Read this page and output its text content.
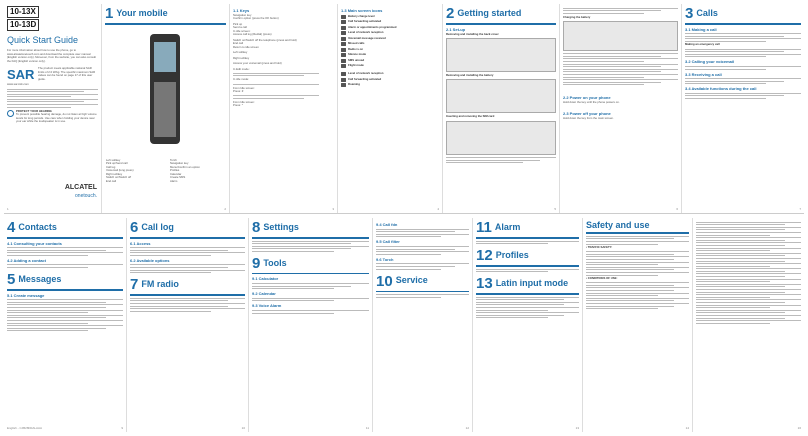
10-13X
10-13D
Quick Start Guide
For more information about how to use the phone, go to www.alcatelonetouch.com and download the complete user manual (English version only). Moreover, from the website, you can also consult the FAQ (English version only).
SAR
www.sar-tick.com
The product meets applicable national SAR limits of 2.0 W/kg. The specific maximum SAR values can be found on page 17 of this user guide.
PROTECT YOUR HEARING
To prevent possible hearing damage, do not listen at high volume levels for long periods. Use care when holding your device near your ear while the loudspeaker is in use.
ALCATEL
onetouch.
1
1 Your mobile
Left softkey
Pick up/Send call
Call log
Voicemail (long press)
Right softkey
Switch on/Switch off
End call
Torch
Navigation key
Menu/Confirm an option
Profiles
Calendar
Create SMS
Alarm
2
1.1 Keys
Navigation key
Confirm option (press the OK button)
Pick up
Send a call
In idle screen:
Access call log (Redial) (press)
Switch on/Switch off the telephone (press and hold)
End call
Return to idle screen
Left softkey
Right softkey
Access your voicemail (press and hold)
In Edit mode:
In idle mode:
From Idle screen:
Press: #
From Idle screen:
Press: *
3
1.3 Main screen icons
Battery charge level
Call forwarding activated
Alarm or appointments programmed
Level of network reception
Voicemail message received
Missed calls
Radio is on
Silence mode
SMS unread
Flight mode
Level of network reception
Call forwarding activated
Roaming
4
2 Getting started
2.1 Set-up
Removing and installing the back cover
Removing and installing the battery
Inserting and removing the SIM card
5
Charging the battery
2.2 Power on your phone
Hold down the key until the phone powers on.
2.3 Power off your phone
Hold down the key from the main screen.
6
3 Calls
3.1 Making a call
Making an emergency call
3.2 Calling your voicemail
3.3 Receiving a call
3.4 Available functions during the call
7
4 Contacts
4.1 Consulting your contacts
4.2 Adding a contact
5 Messages
5.1 Create message
English - CJB28D0ALAAA	9
6 Call log
6.1 Access
6.2 Available options
7 FM radio
10
8 Settings
9 Tools
9.1 Calculator
9.2 Calendar
9.3 Voice Alarm
11
9.4 Call fdn
9.5 Call filter
9.6 Torch
10 Service
12
11 Alarm
12 Profiles
13 Latin input mode
13
Safety and use
• TRAFFIC SAFETY:
• CONDITIONS OF USE:
14	16
